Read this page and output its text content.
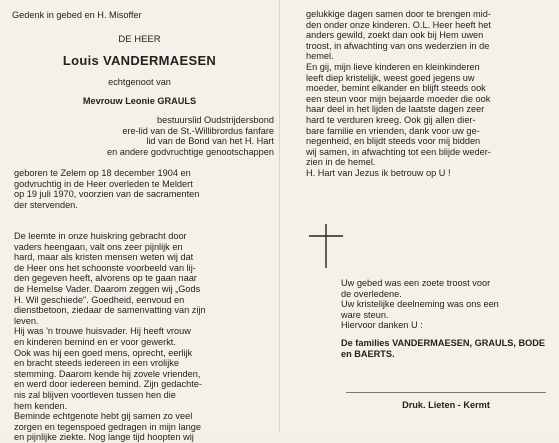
Gedenk in gebed en H. Misoffer

DE HEER

Louis VANDERMAESEN

echtgenoot van

Mevrouw Leonie GRAULS

bestuurslid Oudstrijdersbond
ere-lid van de St.-Willibrordus fanfare
lid van de Bond van het H. Hart
en andere godvruchtige genootschappen

geboren te Zelem op 18 december 1904 en
godvruchtig in de Heer overleden te Meldert
op 19 juli 1970, voorzien van de sacramenten
der stervenden.

De leemte in onze huiskring gebracht door
vaders heengaan, valt ons zeer pijnlijk en
hard, maar als kristen mensen weten wij dat
de Heer ons het schoonste voorbeeld van lij-
den gegeven heeft, alvorens op te gaan naar
de Hemelse Vader. Daarom zeggen wij „Gods
H. Wil geschiede". Goedheid, eenvoud en
dienstbetoon, ziedaar de samenvatting van zijn
leven.
Hij was 'n trouwe huisvader. Hij heeft vrouw
en kinderen bemind en er voor gewerkt.
Ook was hij een goed mens, oprecht, eerlijk
en bracht steeds iedereen in een vrolijke
stemming. Daarom kende hij zovele vrienden,
en werd door iedereen bemind. Zijn gedachte-
nis zal blijven voortleven tussen hen die
hem kenden.
Beminde echtgenote hebt gij samen zo veel
zorgen en tegenspoed gedragen in mijn lange
en pijnlijke ziekte. Nog lange tijd hoopten wij

gelukkige dagen samen door te brengen mid-
den onder onze kinderen. O.L. Heer heeft het
anders gewild, zoekt dan ook bij Hem uwen
troost, in afwachting van ons wederzien in de
hemel.
En gij, mijn lieve kinderen en kleinkinderen
leeft diep kristelijk, weest goed jegens uw
moeder, bemint elkander en blijft steeds ook
een steun voor mijn bejaarde moeder die ook
haar deel in het lijden de laatste dagen zeer
hard te verduren kreeg. Ook gij allen dier-
bare familie en vrienden, dank voor uw ge-
negenheid, en blijdt steeds voor mij bidden
wij samen, in afwachting tot een blijde weder-
zien in de hemel.
H. Hart van Jezus ik betrouw op U !

Uw gebed was een zoete troost voor
de overledene.
Uw kristelijke deelneming was ons een
ware steun.
Hiervoor danken U :

De families VANDERMAESEN, GRAULS, BODE
en BAERTS.

Druk. Lieten - Kermt
